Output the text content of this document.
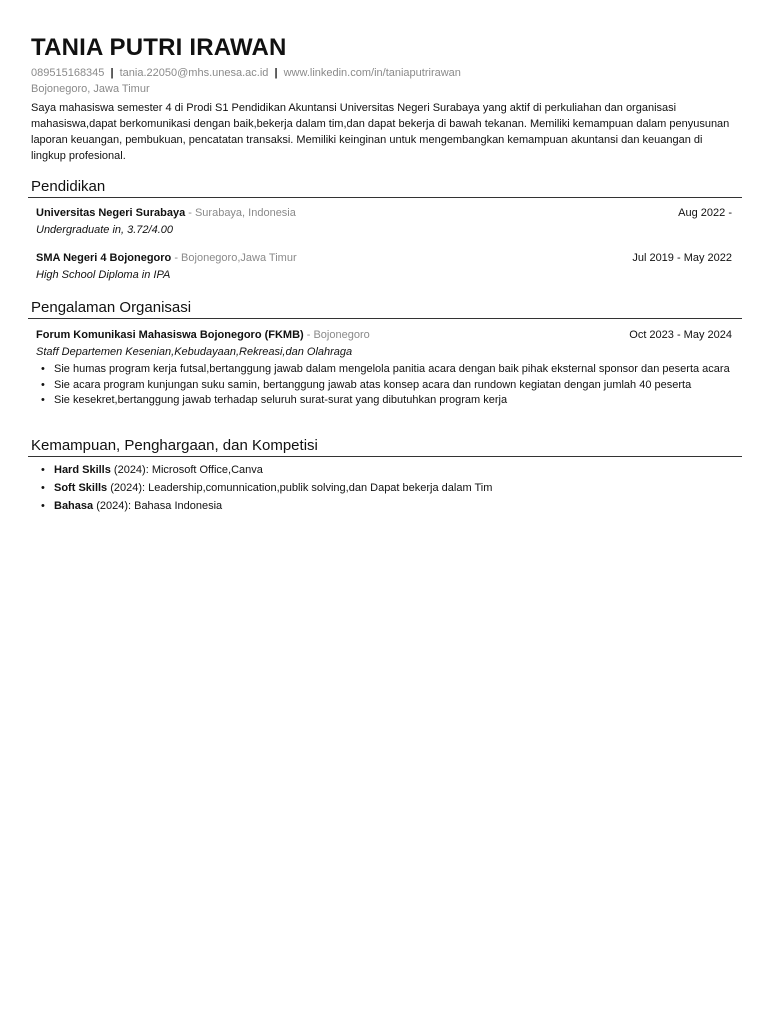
TANIA PUTRI IRAWAN
089515168345 | tania.22050@mhs.unesa.ac.id | www.linkedin.com/in/taniaputrirawan
Bojonegoro, Jawa Timur

Saya mahasiswa semester 4 di Prodi S1 Pendidikan Akuntansi Universitas Negeri Surabaya yang aktif di perkuliahan dan organisasi mahasiswa,dapat berkomunikasi dengan baik,bekerja dalam tim,dan dapat bekerja di bawah tekanan. Memiliki kemampuan dalam penyusunan laporan keuangan, pembukuan, pencatatan transaksi. Memiliki keinginan untuk mengembangkan kemampuan akuntansi dan keuangan di lingkup profesional.

Pendidikan
Universitas Negeri Surabaya - Surabaya, Indonesia	Aug 2022 -
Undergraduate in, 3.72/4.00
SMA Negeri 4 Bojonegoro - Bojonegoro,Jawa Timur	Jul 2019 - May 2022
High School Diploma in IPA
Pengalaman Organisasi
Forum Komunikasi Mahasiswa Bojonegoro (FKMB) - Bojonegoro	Oct 2023 - May 2024
Staff Departemen Kesenian,Kebudayaan,Rekreasi,dan Olahraga
• Sie humas program kerja futsal,bertanggung jawab dalam mengelola panitia acara dengan baik pihak eksternal sponsor dan peserta acara
• Sie acara program kunjungan suku samin, bertanggung jawab atas konsep acara dan rundown kegiatan dengan jumlah 40 peserta
• Sie kesekret,bertanggung jawab terhadap seluruh surat-surat yang dibutuhkan program kerja
Kemampuan, Penghargaan, dan Kompetisi
• Hard Skills (2024): Microsoft Office,Canva
• Soft Skills (2024): Leadership,comunnication,publik solving,dan Dapat bekerja dalam Tim
• Bahasa (2024): Bahasa Indonesia
